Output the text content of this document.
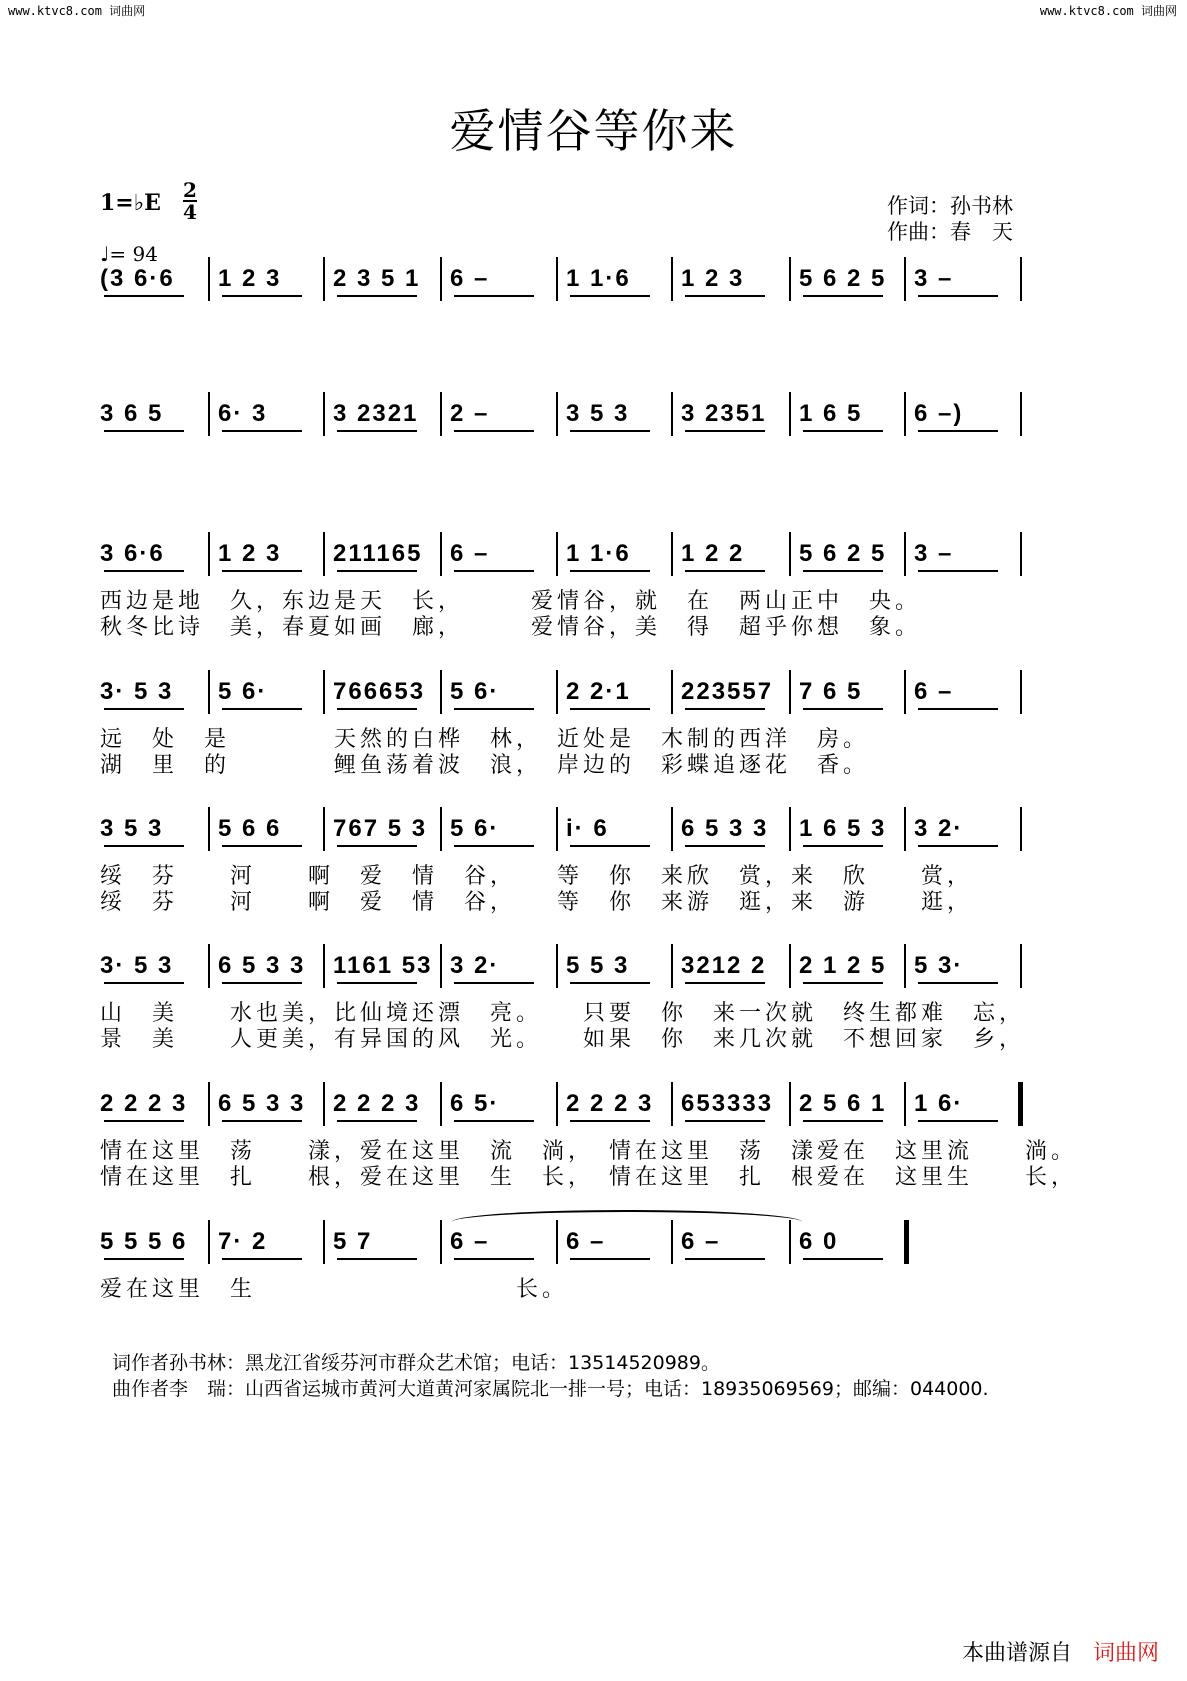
www.ktvc8.com 词曲网	www.ktvc8.com 词曲网
爱情谷等你来
1=♭E 2
4
♩= 94
作词：孙书林
作曲：春　天
(3 6·6 1 2 3 2 3 5 1 6 –	1 1·6 1 2 3 5 6 2 5 3 –
3 6 5 6· 3	3 2321 2 –	3 5 3 3 2351 1 6 5 6 –)
3 6·6 1 2 3 211165 6 –	1 1·6 1 2 2 5 6 2 5 3 –
西边是地　久，东边是天　长，　　　爱情谷，就　在　两山正中　央。
秋冬比诗　美，春夏如画　廊，　　　爱情谷，美　得　超乎你想　象。
3· 5 3 5 6·	766653 5 6·	2 2·1 223557 7 6 5 6 –
远　处　是　　　　天然的白桦　林，　近处是　木制的西洋　房。
湖　里　的　　　　鲤鱼荡着波　浪，　岸边的　彩蝶追逐花　香。
3 5 3 5 6 6 767 5 3 5 6·	i· 6	6 5 3 3 1 6 5 3 3 2·
绥　芬　　河　　啊　爱　情　谷，　　等　你　来欣　赏，来　欣　　赏，
绥　芬　　河　　啊　爱　情　谷，　　等　你　来游　逛，来　游　　逛，
3· 5 3 6 5 3 3 1161 53 3 2·	5 5 3 3212 2 2 1 2 5 5 3·
山　美　　水也美，比仙境还漂　亮。　　只要　你　来一次就　终生都难　忘，
景　美　　人更美，有异国的风　光。　　如果　你　来几次就　不想回家　乡，
2 2 2 3 6 5 3 3 2 2 2 3 6 5·	2 2 2 3 653333 2 5 6 1 1 6·
情在这里　荡　　漾，爱在这里　流　淌，　情在这里　荡　漾爱在　这里流　　淌。
情在这里　扎　　根，爱在这里　生　长，　情在这里　扎　根爱在　这里生　　长，
5 5 5 6 7· 2	5 7	6 –	6 –	6 –	6 0
爱在这里　生　　　　　　　　　　长。
词作者孙书林：黑龙江省绥芬河市群众艺术馆；电话：13514520989。
曲作者李　瑞：山西省运城市黄河大道黄河家属院北一排一号；电话：18935069569；邮编：044000.
本曲谱源自 词曲网
